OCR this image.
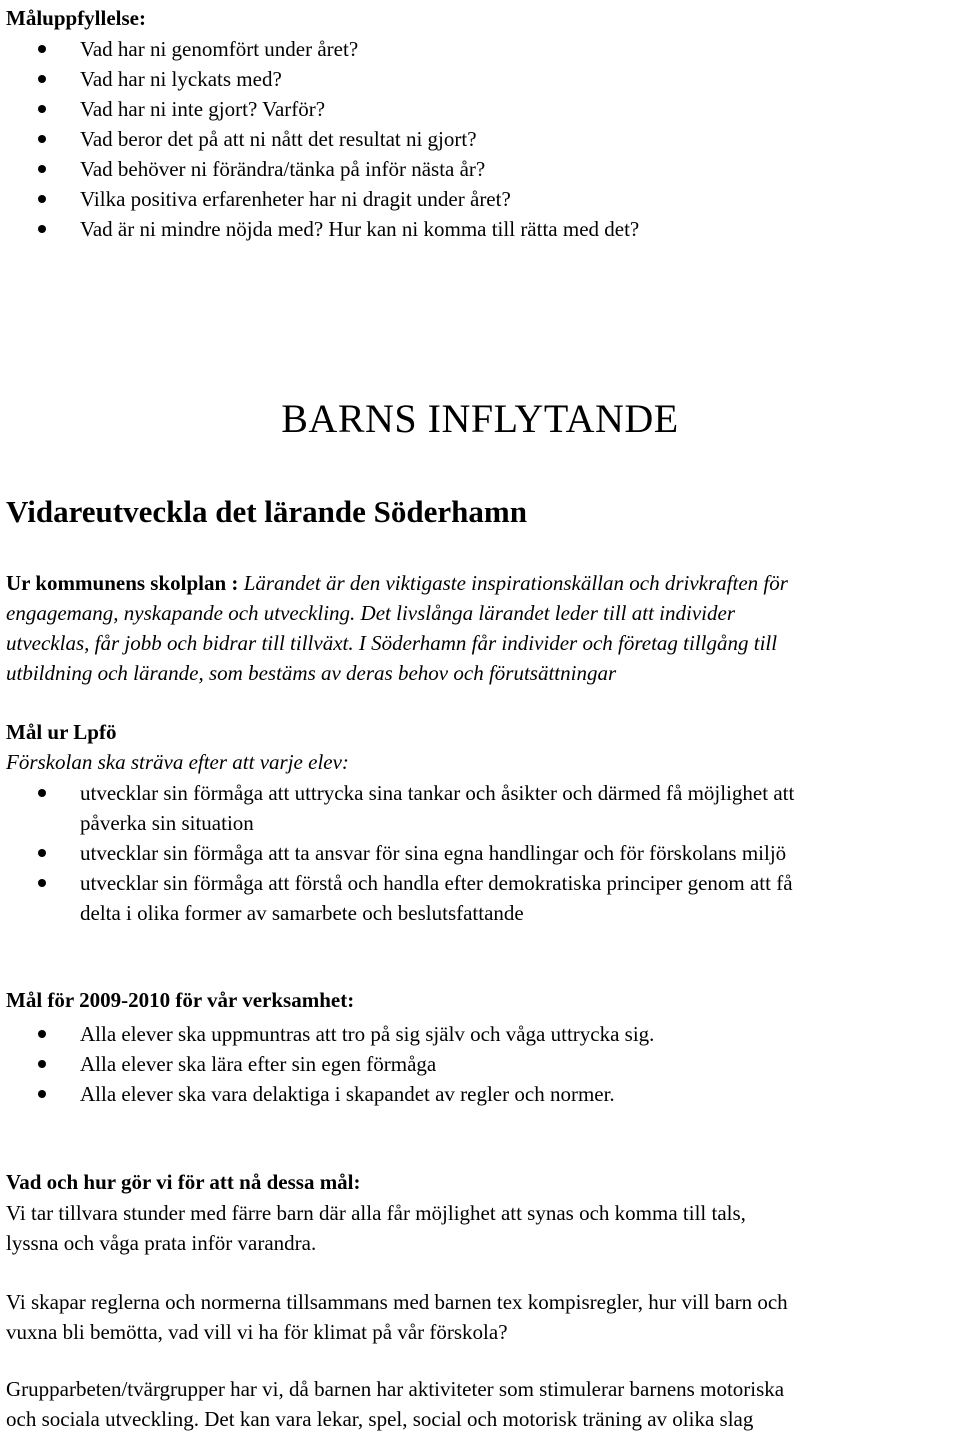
Måluppfyllelse:
Vad har ni genomfört under året?
Vad har ni lyckats med?
Vad har ni inte gjort? Varför?
Vad beror det på att ni nått det resultat ni gjort?
Vad behöver ni förändra/tänka på inför nästa år?
Vilka positiva erfarenheter har ni dragit under året?
Vad är ni mindre nöjda med? Hur kan ni komma till rätta med det?
BARNS INFLYTANDE
Vidareutveckla det lärande Söderhamn
Ur kommunens skolplan : Lärandet är den viktigaste inspirationskällan och drivkraften för
engagemang, nyskapande och utveckling. Det livslånga lärandet leder till att individer
utvecklas, får jobb och bidrar till tillväxt. I Söderhamn får individer och företag tillgång till
utbildning och lärande, som bestäms av deras behov och förutsättningar
Mål ur Lpfö
Förskolan ska sträva efter att varje elev:
utvecklar sin förmåga att uttrycka sina tankar och åsikter och därmed få möjlighet att
påverka sin situation
utvecklar sin förmåga att ta ansvar för sina egna handlingar och för förskolans miljö
utvecklar sin förmåga att förstå och handla efter demokratiska principer genom att få
delta i olika former av samarbete och beslutsfattande
Mål för 2009-2010 för vår verksamhet:
Alla elever ska uppmuntras att tro på sig själv och våga uttrycka sig.
Alla elever ska lära efter sin egen förmåga
Alla elever ska vara delaktiga i skapandet av regler och normer.
Vad och hur gör vi för att nå dessa mål:
Vi tar tillvara stunder med färre barn där alla får möjlighet att synas och komma till tals,
lyssna och våga prata inför varandra.
Vi skapar reglerna och normerna tillsammans med barnen tex kompisregler, hur vill barn och
vuxna bli bemötta, vad vill vi ha för klimat på vår förskola?
Grupparbeten/tvärgrupper har vi, då barnen har aktiviteter som stimulerar barnens motoriska
och sociala utveckling. Det kan vara lekar, spel, social och motorisk träning av olika slag
